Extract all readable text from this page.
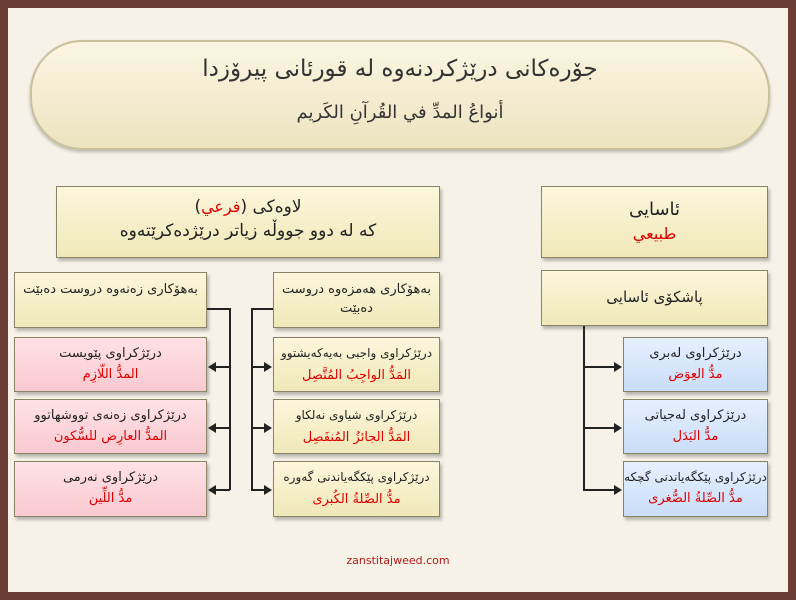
جۆرەکانی درێژکردنەوە لە قورئانی پیرۆزدا
أنواعُ المدِّ في القُرآنِ الكَريم
ئاسایی
طبيعي
پاشکۆی ئاسایی
درێژکراوی لەبری
مدُّ العِوَض
درێژکراوی لەجیاتی
مدُّ البَدَل
درێژکراوی پێکگەیاندنی گچکە
مدُّ الصِّلةُ الصُّغرى
لاوەکی (فرعي)
کە لە دوو جووڵە زیاتر درێژدەکرێتەوە
بەهۆکاری هەمزەوە دروست دەبێت
درێژکراوی واجبی بەیەکەیشتوو
المَدُّ الواجِبُ المُتَّصِل
درێژکراوی شیاوی نەلکاو
المَدُّ الجائزُ المُنفَصِل
درێژکراوی پێکگەیاندنی گەورە
مدُّ الصِّلةُ الكُبرى
بەهۆکاری زەنەوە دروست دەبێت
درێژکراوی پێویست
المدُّ اللّازِم
درێژکراوی زەنەی تووشهاتوو
المدُّ العارِض للسُّكون
درێژکراوی نەرمی
مدُّ اللِّين
zanstitajweed.com
